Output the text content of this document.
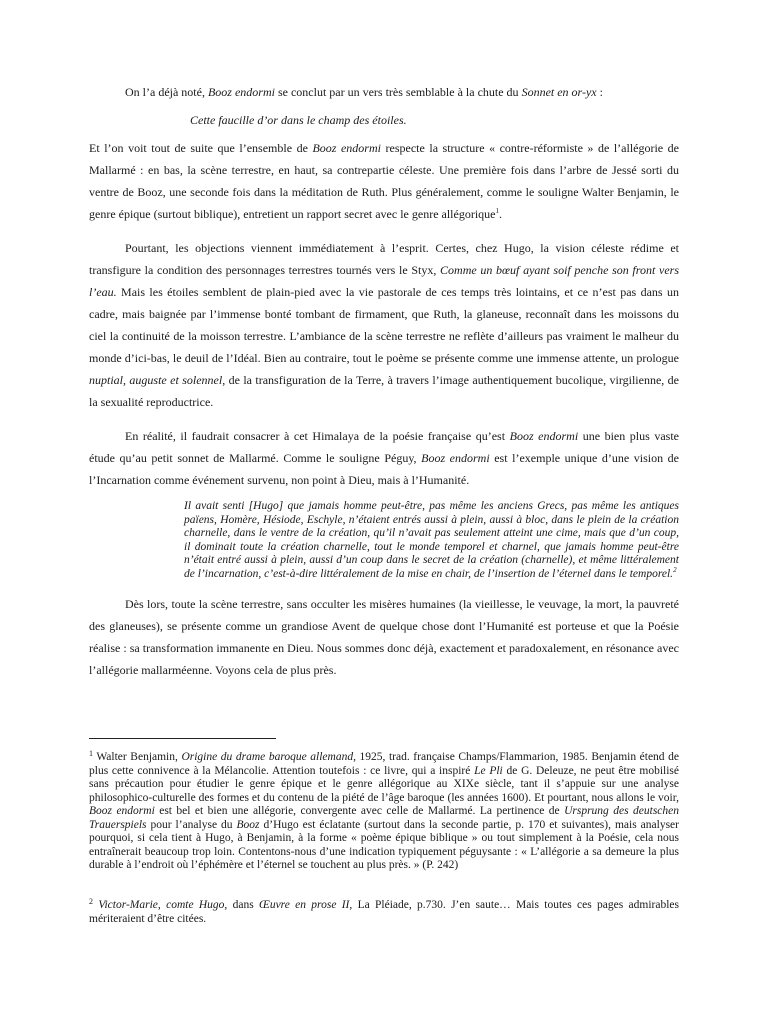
On l’a déjà noté, Booz endormi se conclut par un vers très semblable à la chute du Sonnet en or-yx :

Cette faucille d’or dans le champ des étoiles.

Et l’on voit tout de suite que l’ensemble de Booz endormi respecte la structure « contre-réformiste » de l’allégorie de Mallarmé : en bas, la scène terrestre, en haut, sa contrepartie céleste. Une première fois dans l’arbre de Jessé sorti du ventre de Booz, une seconde fois dans la méditation de Ruth. Plus généralement, comme le souligne Walter Benjamin, le genre épique (surtout biblique), entretient un rapport secret avec le genre allégorique$^1$.

Pourtant, les objections viennent immédiatement à l’esprit. Certes, chez Hugo, la vision céleste rédime et transfigure la condition des personnages terrestres tournés vers le Styx, Comme un bœuf ayant soif penche son front vers l’eau. Mais les étoiles semblent de plain-pied avec la vie pastorale de ces temps très lointains, et ce n’est pas dans un cadre, mais baignée par l’immense bonté tombant de firmament, que Ruth, la glaneuse, reconnaît dans les moissons du ciel la continuité de la moisson terrestre. L’ambiance de la scène terrestre ne reflète d’ailleurs pas vraiment le malheur du monde d’ici-bas, le deuil de l’Idéal. Bien au contraire, tout le poème se présente comme une immense attente, un prologue nuptial, auguste et solennel, de la transfiguration de la Terre, à travers l’image authentiquement bucolique, virgilienne, de la sexualité reproductrice.

En réalité, il faudrait consacrer à cet Himalaya de la poésie française qu’est Booz endormi une bien plus vaste étude qu’au petit sonnet de Mallarmé. Comme le souligne Péguy, Booz endormi est l’exemple unique d’une vision de l’Incarnation comme événement survenu, non point à Dieu, mais à l’Humanité.

Il avait senti [Hugo] que jamais homme peut-être, pas même les anciens Grecs, pas même les antiques païens, Homère, Hésiode, Eschyle, n’étaient entrés aussi à plein, aussi à bloc, dans le plein de la création charnelle, dans le ventre de la création, qu’il n’avait pas seulement atteint une cime, mais que d’un coup, il dominait toute la création charnelle, tout le monde temporel et charnel, que jamais homme peut-être n’était entré aussi à plein, aussi d’un coup dans le secret de la création (charnelle), et même littéralement de l’incarnation, c’est-à-dire littéralement de la mise en chair, de l’insertion de l’éternel dans le temporel.$^2$

Dès lors, toute la scène terrestre, sans occulter les misères humaines (la vieillesse, le veuvage, la mort, la pauvreté des glaneuses), se présente comme un grandiose Avent de quelque chose dont l’Humanité est porteuse et que la Poésie réalise : sa transformation immanente en Dieu. Nous sommes donc déjà, exactement et paradoxalement, en résonance avec l’allégorie mallarméenne. Voyons cela de plus près.

$^1$ Walter Benjamin, Origine du drame baroque allemand, 1925, trad. française Champs/Flammarion, 1985. Benjamin étend de plus cette connivence à la Mélancolie. Attention toutefois : ce livre, qui a inspiré Le Pli de G. Deleuze, ne peut être mobilisé sans précaution pour étudier le genre épique et le genre allégorique au XIXe siècle, tant il s’appuie sur une analyse philosophico-culturelle des formes et du contenu de la piété de l’âge baroque (les années 1600). Et pourtant, nous allons le voir, Booz endormi est bel et bien une allégorie, convergente avec celle de Mallarmé. La pertinence de Ursprung des deutschen Trauerspiels pour l’analyse du Booz d’Hugo est éclatante (surtout dans la seconde partie, p. 170 et suivantes), mais analyser pourquoi, si cela tient à Hugo, à Benjamin, à la forme « poème épique biblique » ou tout simplement à la Poésie, cela nous entraînerait beaucoup trop loin. Contentons-nous d’une indication typiquement péguysante : « L’allégorie a sa demeure la plus durable à l’endroit où l’éphémère et l’éternel se touchent au plus près. » (P. 242)
$^2$ Victor-Marie, comte Hugo, dans Œuvre en prose II, La Pléiade, p.730. J’en saute… Mais toutes ces pages admirables mériteraient d’être citées.
